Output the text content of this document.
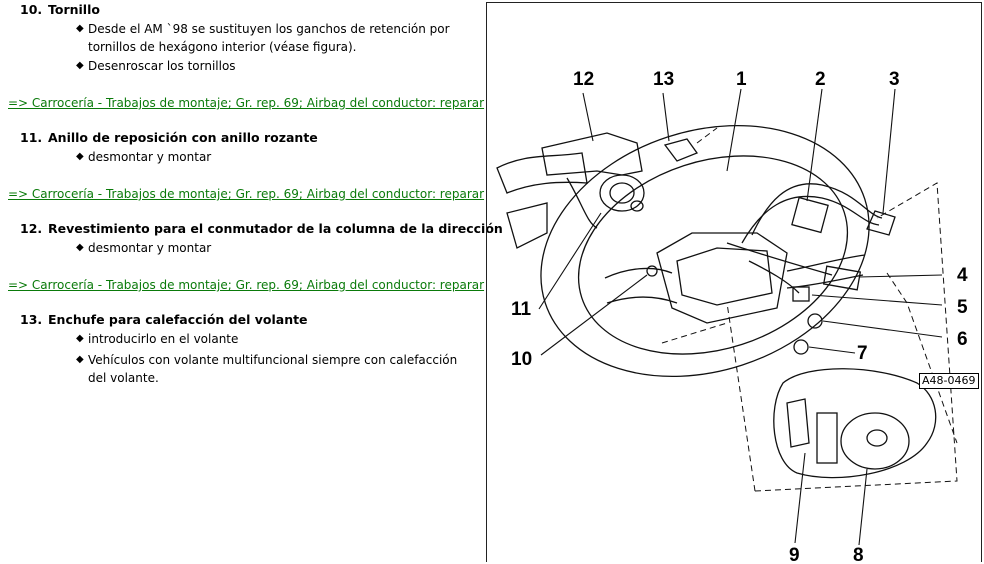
10. Tornillo
◆ Desde el AM `98 se sustituyen los ganchos de retención por tornillos de hexágono interior (véase figura).
◆ Desenroscar los tornillos
=> Carrocería - Trabajos de montaje; Gr. rep. 69; Airbag del conductor: reparar
11. Anillo de reposición con anillo rozante
◆ desmontar y montar
=> Carrocería - Trabajos de montaje; Gr. rep. 69; Airbag del conductor: reparar
12. Revestimiento para el conmutador de la columna de la dirección
◆ desmontar y montar
=> Carrocería - Trabajos de montaje; Gr. rep. 69; Airbag del conductor: reparar
13. Enchufe para calefacción del volante
◆ introducirlo en el volante
◆ Vehículos con volante multifuncional siempre con calefacción del volante.
12	13	1	2	3
4
5
6
7
8
9
10
11
A48-0469
